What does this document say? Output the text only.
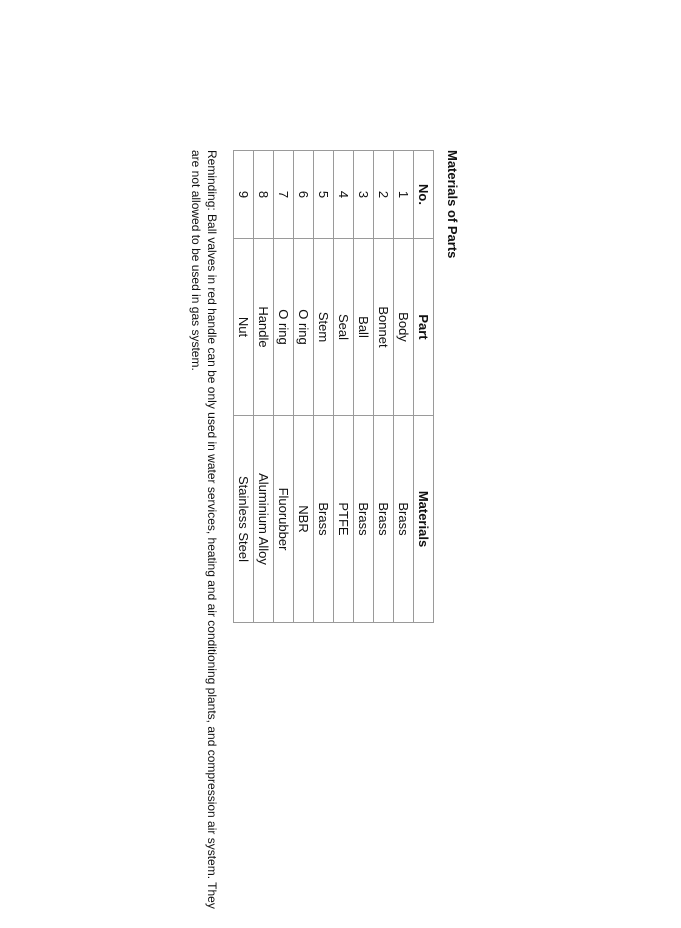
Materials of Parts
No.	Part	Materials
1	Body	Brass
2	Bonnet	Brass
3	Ball	Brass
4	Seal	PTFE
5	Stem	Brass
6	O ring	NBR
7	O ring	Fluorubber
8	Handle	Aluminium Alloy
9	Nut	Stainless Steel

Reminding: Ball valves in red handle can be only used in water services, heating and air conditioning plants, and compression air system. They are not allowed to be used in gas system.
